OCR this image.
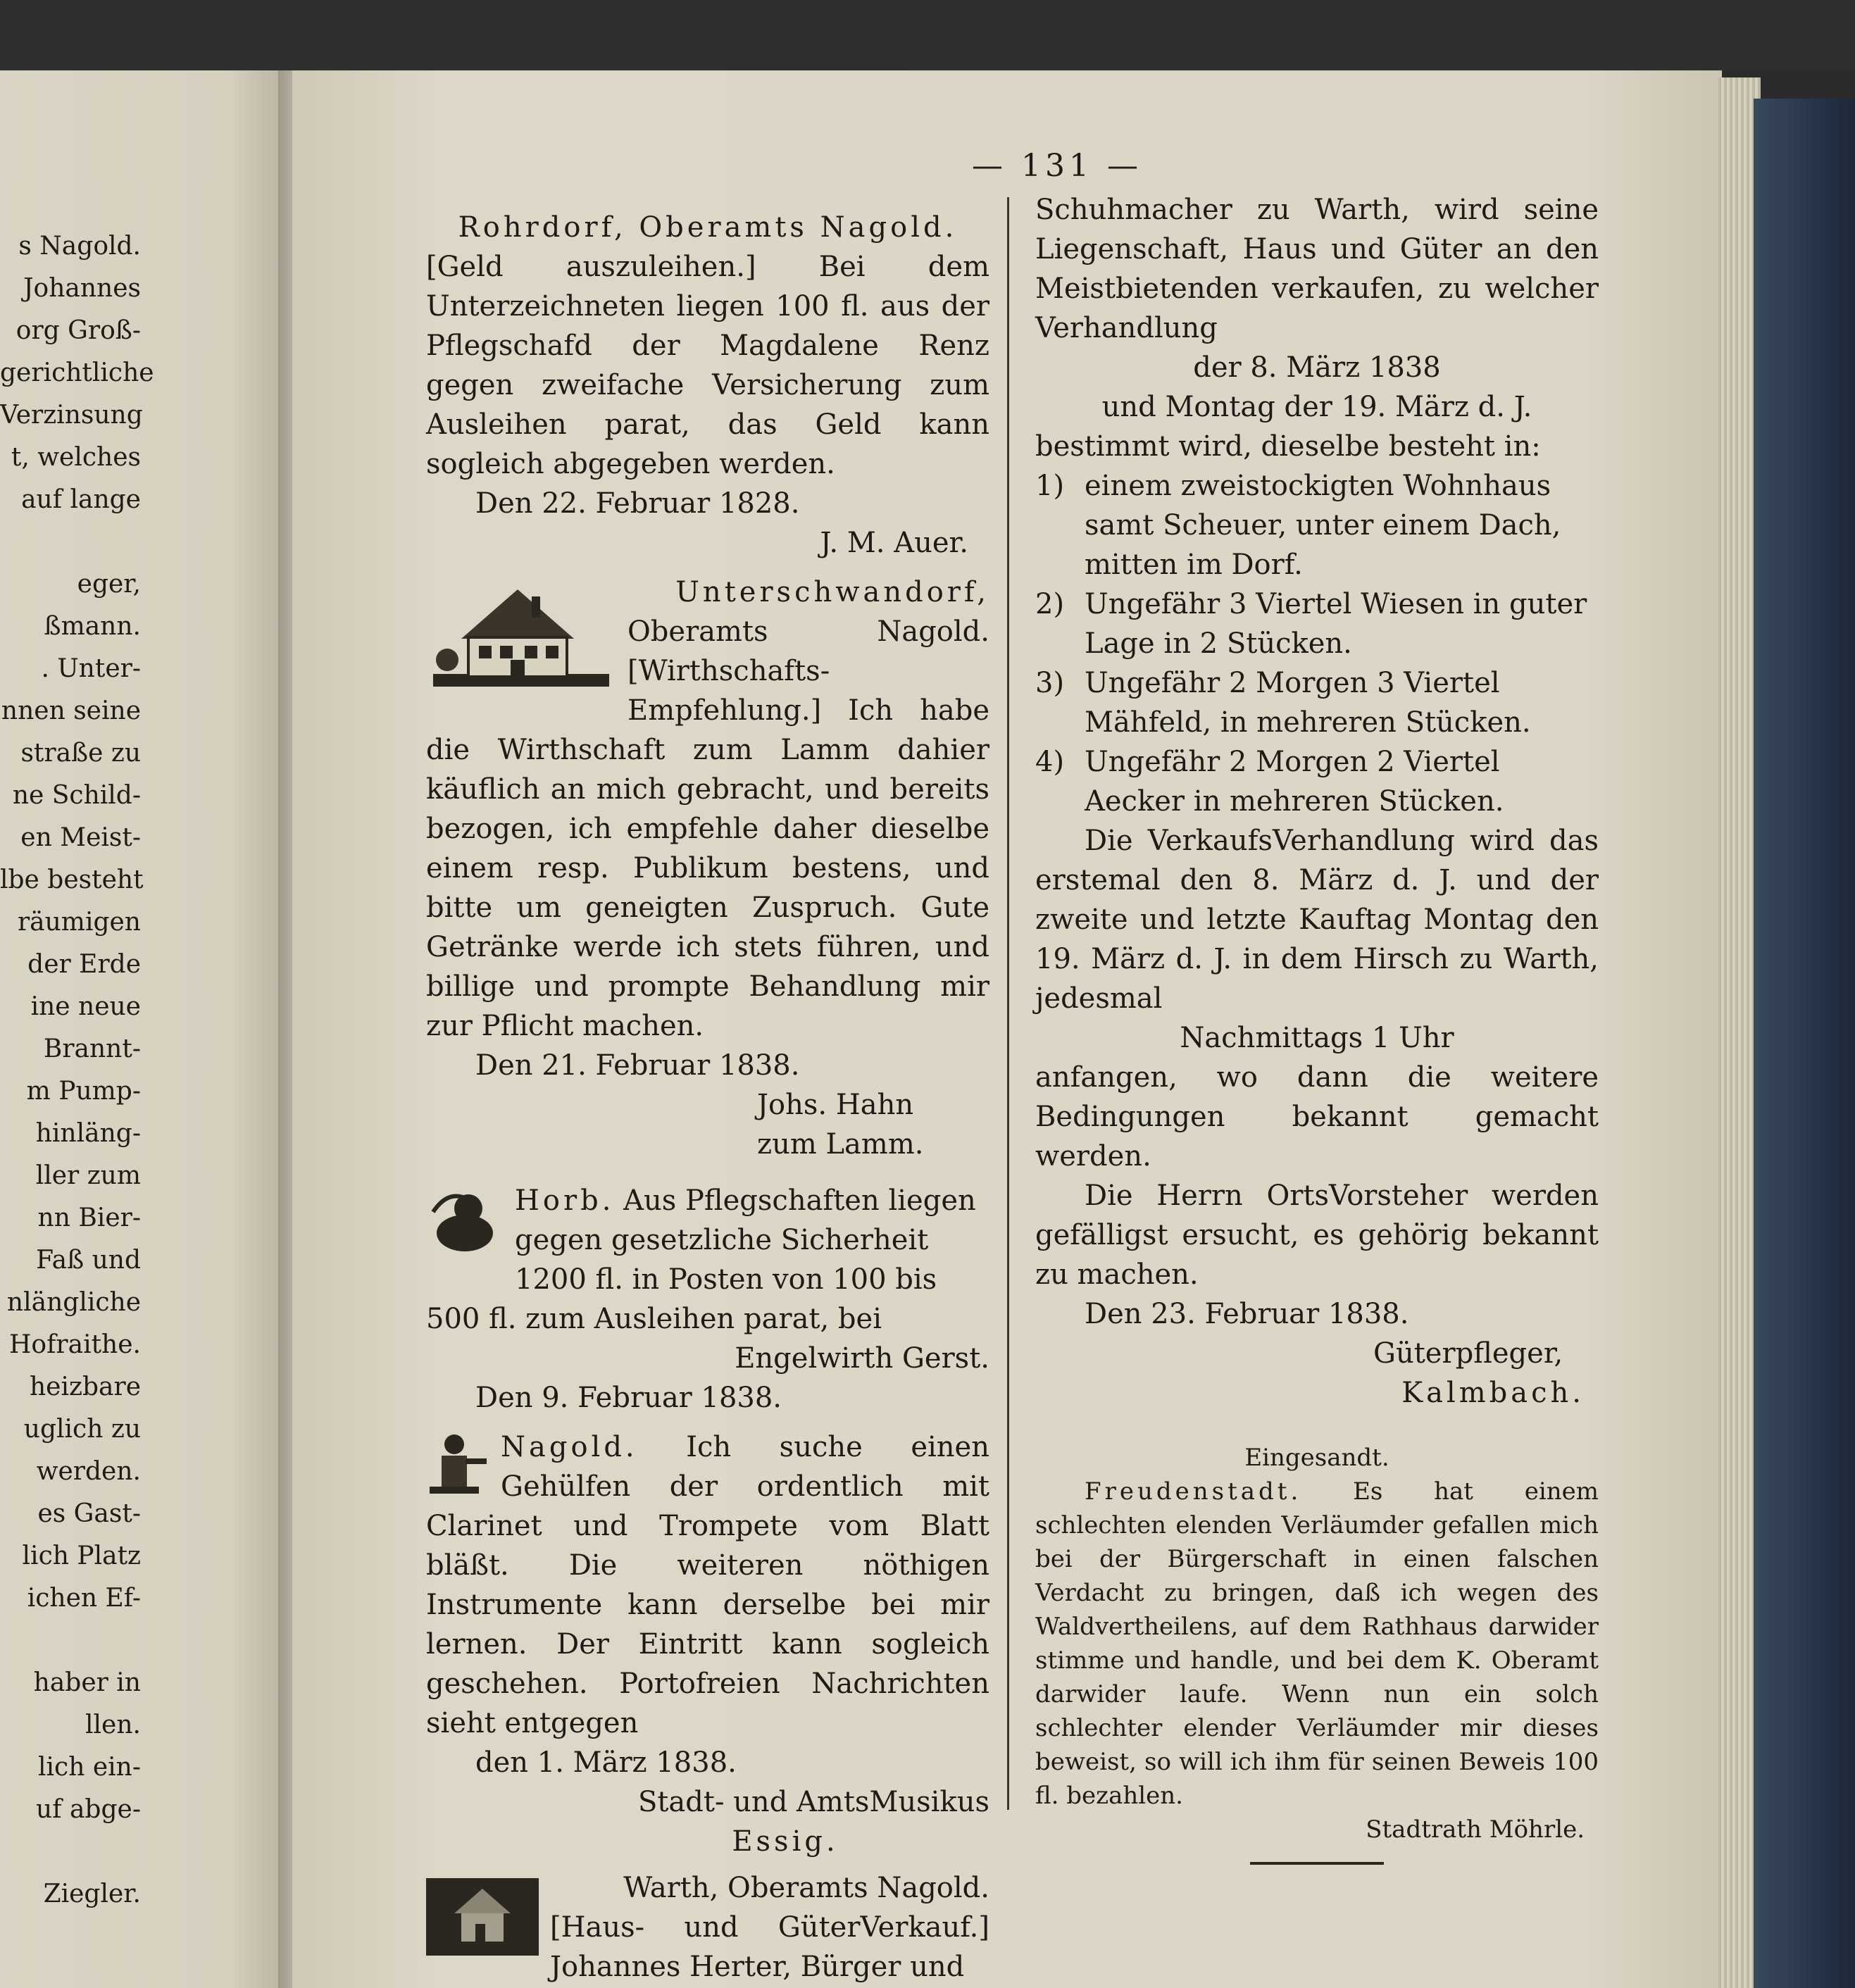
s Nagold.
Johannes
org Groß-
gerichtliche
Verzinsung
t, welches
auf lange
eger,
ßmann.
. Unter-
nnen seine
straße zu
ne Schild-
en Meist-
lbe besteht
räumigen
der Erde
ine neue
Brannt-
m Pump-
hinläng-
ller zum
nn Bier-
Faß und
nlängliche
Hofraithe.
heizbare
uglich zu
werden.
es Gast-
lich Platz
ichen Ef-
haber in
llen.
lich ein-
uf abge-
Ziegler.
— 131 —

Rohrdorf, Oberamts Nagold.

[Geld auszuleihen.] Bei dem Unterzeichneten liegen 100 fl. aus der Pflegschafd der Magdalene Renz gegen zweifache Versicherung zum Ausleihen parat, das Geld kann sogleich abgegeben werden.

Den 22. Februar 1828.

J. M. Auer.

Unterschwandorf,

Oberamts Nagold. [WirthschaftsEmpfehlung.] Ich habe die Wirthschaft zum Lamm dahier käuflich an mich gebracht, und bereits bezogen, ich empfehle daher dieselbe einem resp. Publikum bestens, und bitte um geneigten Zuspruch. Gute Getränke werde ich stets führen, und billige und prompte Behandlung mir zur Pflicht machen.

Den 21. Februar 1838.

Johs. Hahn

zum Lamm.

Horb. Aus Pflegschaften liegen gegen gesetzliche Sicherheit 1200 fl. in Posten von 100 bis 500 fl. zum Ausleihen parat, bei

Engelwirth Gerst.

Den 9. Februar 1838.

Nagold. Ich suche einen Gehülfen der ordentlich mit Clarinet und Trompete vom Blatt bläßt. Die weiteren nöthigen Instrumente kann derselbe bei mir lernen. Der Eintritt kann sogleich geschehen. Portofreien Nachrichten sieht entgegen

den 1. März 1838.

Stadt- und AmtsMusikus

Essig.

Warth, Oberamts Nagold.

[Haus- und GüterVerkauf.] Johannes Herter, Bürger und

Schuhmacher zu Warth, wird seine Liegenschaft, Haus und Güter an den Meistbietenden verkaufen, zu welcher Verhandlung

der 8. März 1838

und Montag der 19. März d. J.

bestimmt wird, dieselbe besteht in:

1) einem zweistockigten Wohnhaus samt Scheuer, unter einem Dach, mitten im Dorf.
2) Ungefähr 3 Viertel Wiesen in guter Lage in 2 Stücken.
3) Ungefähr 2 Morgen 3 Viertel Mähfeld, in mehreren Stücken.
4) Ungefähr 2 Morgen 2 Viertel Aecker in mehreren Stücken.

Die VerkaufsVerhandlung wird das erstemal den 8. März d. J. und der zweite und letzte Kauftag Montag den 19. März d. J. in dem Hirsch zu Warth, jedesmal

Nachmittags 1 Uhr

anfangen, wo dann die weitere Bedingungen bekannt gemacht werden.

Die Herrn OrtsVorsteher werden gefälligst ersucht, es gehörig bekannt zu machen.

Den 23. Februar 1838.

Güterpfleger,

Kalmbach.

Eingesandt.

Freudenstadt. Es hat einem schlechten elenden Verläumder gefallen mich bei der Bürgerschaft in einen falschen Verdacht zu bringen, daß ich wegen des Waldvertheilens, auf dem Rathhaus darwider stimme und handle, und bei dem K. Oberamt darwider laufe. Wenn nun ein solch schlechter elender Verläumder mir dieses beweist, so will ich ihm für seinen Beweis 100 fl. bezahlen.

Stadtrath Möhrle.
